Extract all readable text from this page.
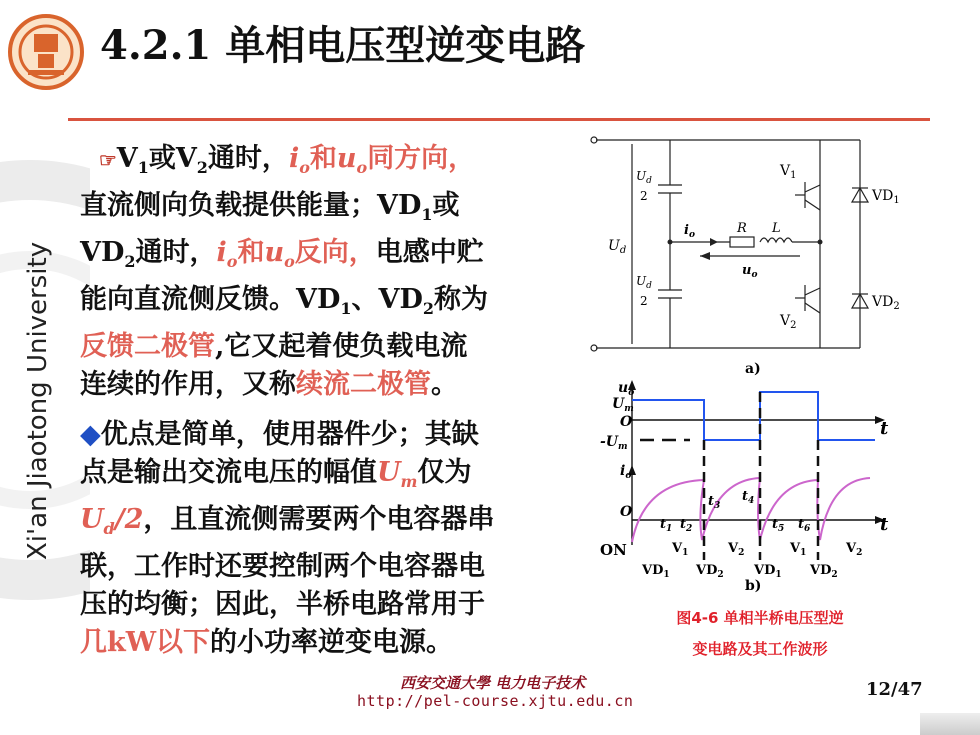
Xi'an Jiaotong University
4.2.1 单相电压型逆变电路
$☞V_1$或$V_2$通时，$i_o$和$u_o$同方向，
直流侧向负载提供能量；$VD_1$或
$VD_2$通时，$i_o$和$u_o$反向，电感中贮
能向直流侧反馈。$VD_1$、$VD_2$称为
反馈二极管,它又起着使负载电流
连续的作用，又称续流二极管。
◆优点是简单，使用器件少；其缺
点是输出交流电压的幅值$U_m$仅为
$U_d/2$，且直流侧需要两个电容器串
联，工作时还要控制两个电容器电
压的均衡；因此，半桥电路常用于
几kW以下的小功率逆变电源。
$U_d$
$U_d$
2
$U_d$
2
$V_1$
$V_2$
$VD_1$
$VD_2$
$i_o$	R L
$u_o$
a)
$u_o$
$U_m$
O
$-U_m$
t
$i_o$
O
t
ON
b)
$t_1$ $t_2$
$t_3$
$t_4$
$t_5$ $t_6$
$V_1$	$V_2$	$V_1$	$V_2$
$VD_1$ $VD_2$ $VD_1$ $VD_2$
图4-6 单相半桥电压型逆
变电路及其工作波形
西安交通大學 电力电子技术
http://pel-course.xjtu.edu.cn
12/47
